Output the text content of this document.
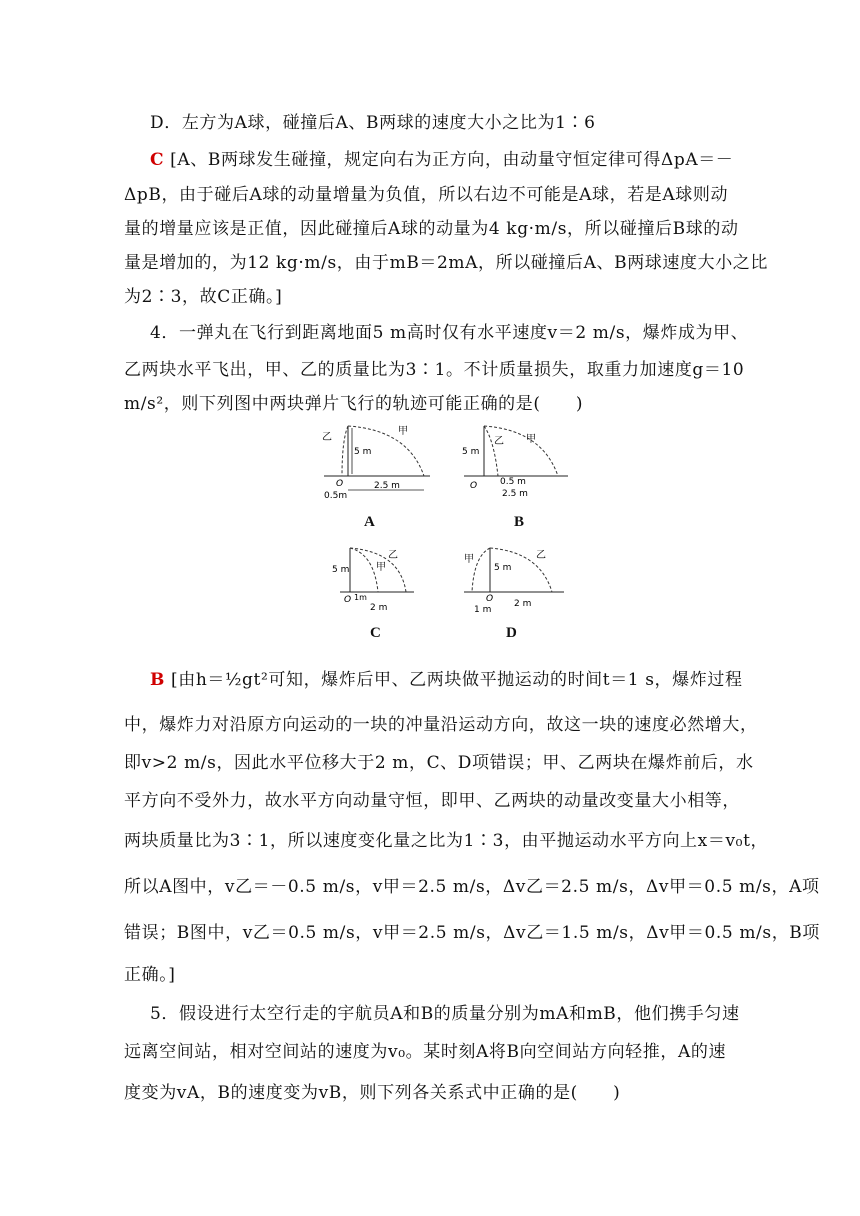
D．左方为A球，碰撞后A、B两球的速度大小之比为1∶6
C [A、B两球发生碰撞，规定向右为正方向，由动量守恒定律可得ΔpA＝－
ΔpB，由于碰后A球的动量增量为负值，所以右边不可能是A球，若是A球则动
量的增量应该是正值，因此碰撞后A球的动量为4 kg·m/s，所以碰撞后B球的动
量是增加的，为12 kg·m/s，由于mB＝2mA，所以碰撞后A、B两球速度大小之比
为2∶3，故C正确。]
4．一弹丸在飞行到距离地面5 m高时仅有水平速度v＝2 m/s，爆炸成为甲、
乙两块水平飞出，甲、乙的质量比为3∶1。不计质量损失，取重力加速度g＝10
m/s²，则下列图中两块弹片飞行的轨迹可能正确的是(　　)
乙
甲
5 m
O
0.5m
2.5 m
A
乙 甲
5 m
O	0.5 m
2.5 m
B
乙
甲
5 m
O 1m
2 m
C
乙
甲
5 m
O
1 m
2 m
D
B [由h＝½gt²可知，爆炸后甲、乙两块做平抛运动的时间t＝1 s，爆炸过程
中，爆炸力对沿原方向运动的一块的冲量沿运动方向，故这一块的速度必然增大，
即v>2 m/s，因此水平位移大于2 m，C、D项错误；甲、乙两块在爆炸前后，水
平方向不受外力，故水平方向动量守恒，即甲、乙两块的动量改变量大小相等，
两块质量比为3∶1，所以速度变化量之比为1∶3，由平抛运动水平方向上x＝v₀t，
所以A图中，v乙＝－0.5 m/s，v甲＝2.5 m/s，Δv乙＝2.5 m/s，Δv甲＝0.5 m/s，A项
错误；B图中，v乙＝0.5 m/s，v甲＝2.5 m/s，Δv乙＝1.5 m/s，Δv甲＝0.5 m/s，B项
正确。]
5．假设进行太空行走的宇航员A和B的质量分别为mA和mB，他们携手匀速
远离空间站，相对空间站的速度为v₀。某时刻A将B向空间站方向轻推，A的速
度变为vA，B的速度变为vB，则下列各关系式中正确的是(　　)
